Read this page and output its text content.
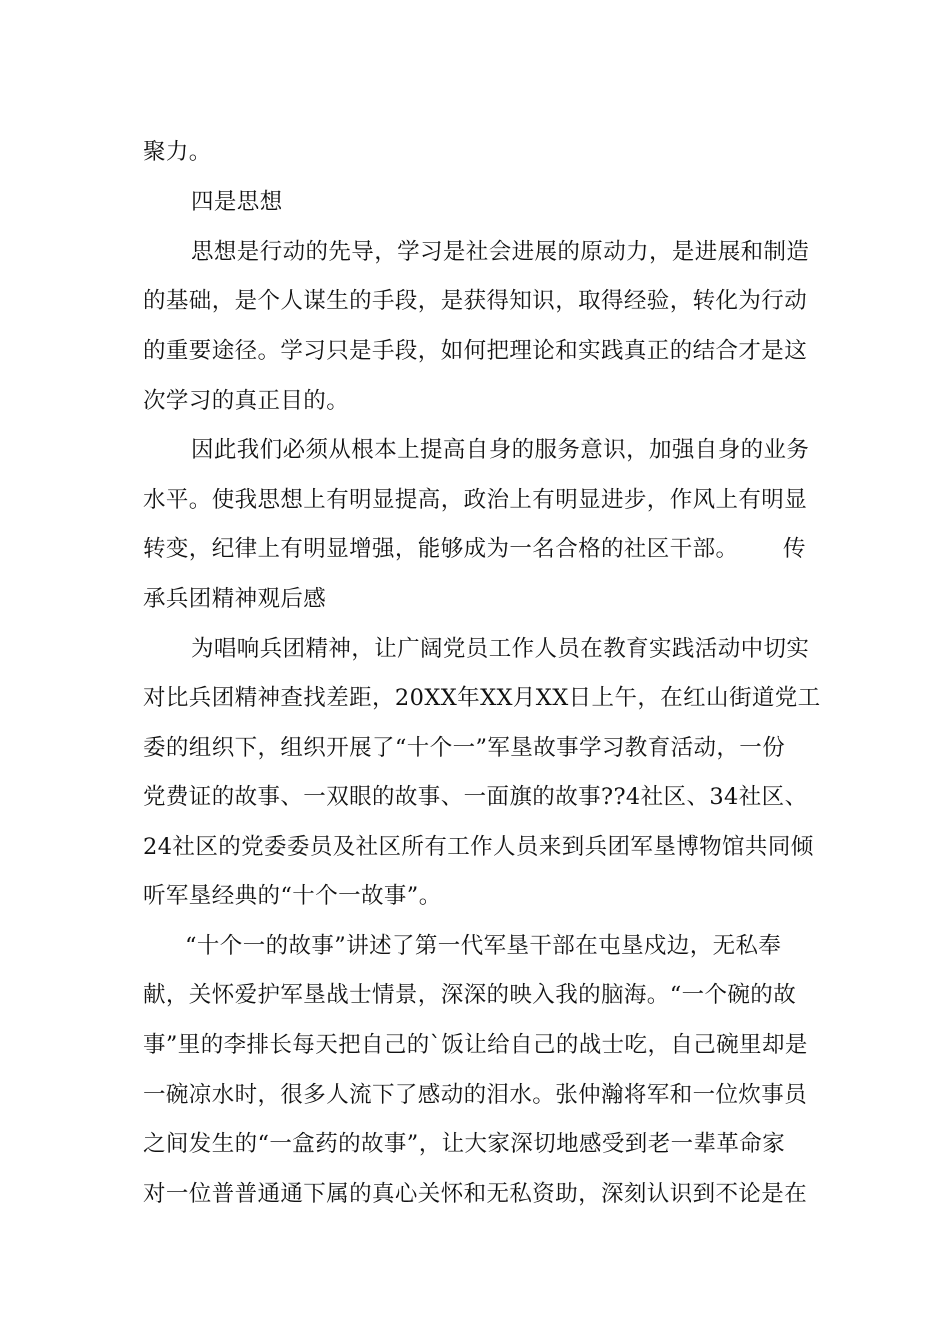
聚力。
四是思想
思想是行动的先导，学习是社会进展的原动力，是进展和制造
的基础，是个人谋生的手段，是获得知识，取得经验，转化为行动
的重要途径。学习只是手段，如何把理论和实践真正的结合才是这
次学习的真正目的。
因此我们必须从根本上提高自身的服务意识，加强自身的业务
水平。使我思想上有明显提高，政治上有明显进步，作风上有明显
转变，纪律上有明显增强，能够成为一名合格的社区干部。	传
承兵团精神观后感
为唱响兵团精神，让广阔党员工作人员在教育实践活动中切实
对比兵团精神查找差距，20XX年XX月XX日上午，在红山街道党工
委的组织下，组织开展了“十个一”军垦故事学习教育活动，一份
党费证的故事、一双眼的故事、一面旗的故事??4社区、34社区、
24社区的党委委员及社区所有工作人员来到兵团军垦博物馆共同倾
听军垦经典的“十个一故事”。
“十个一的故事”讲述了第一代军垦干部在屯垦戍边，无私奉
献，关怀爱护军垦战士情景，深深的映入我的脑海。“一个碗的故
事”里的李排长每天把自己的`饭让给自己的战士吃，自己碗里却是
一碗凉水时，很多人流下了感动的泪水。张仲瀚将军和一位炊事员
之间发生的“一盒药的故事”，让大家深切地感受到老一辈革命家
对一位普普通通下属的真心关怀和无私资助，深刻认识到不论是在
